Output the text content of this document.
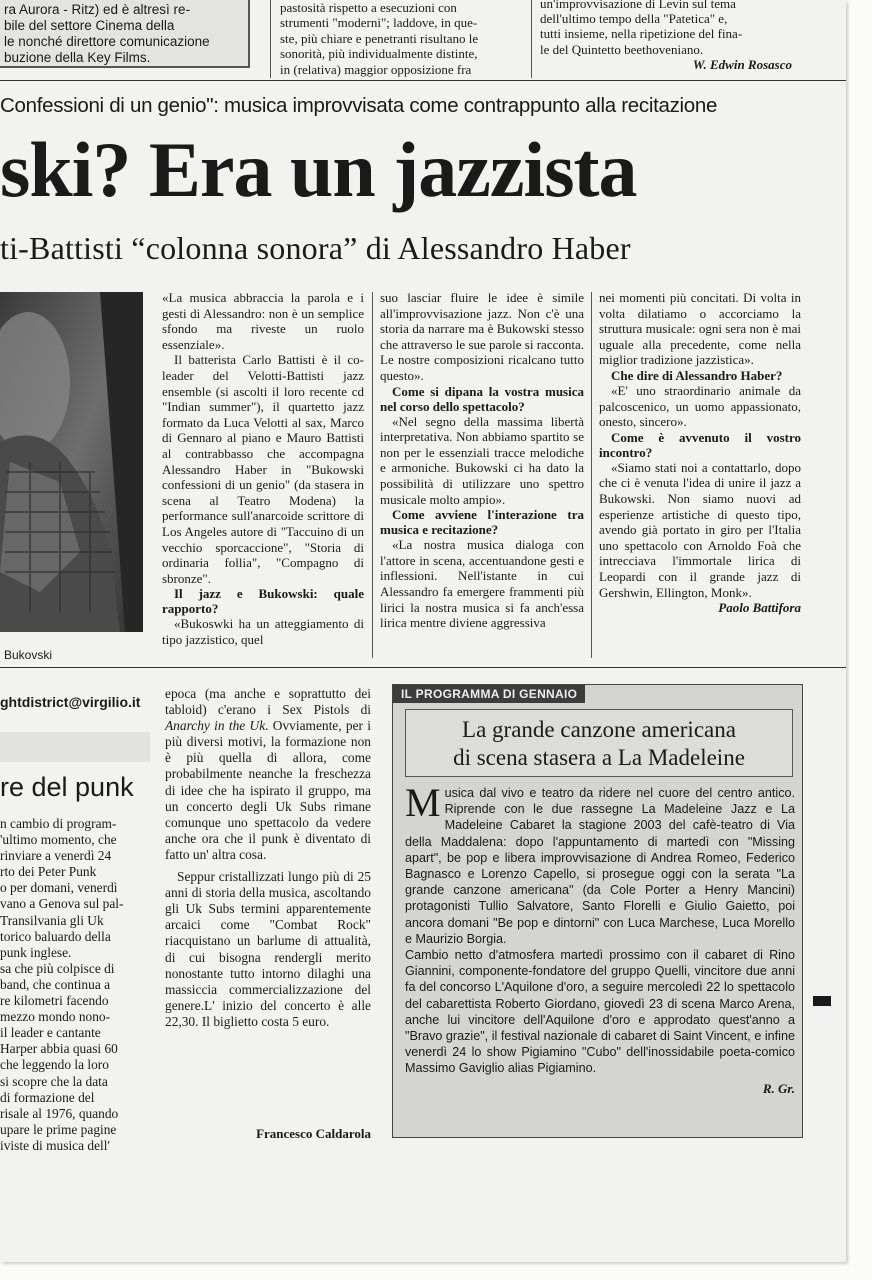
ra Aurora - Ritz) ed è altresì re-
bile del settore Cinema della
le nonché direttore comunicazione
buzione della Key Films.
pastosità rispetto a esecuzioni con
strumenti "moderni"; laddove, in que-
ste, più chiare e penetranti risultano le
sonorità, più individualmente distinte,
in (relativa) maggior opposizione fra
un'improvvisazione di Levin sul tema
dell'ultimo tempo della "Patetica" e,
tutti insieme, nella ripetizione del fina-
le del Quintetto beethoveniano.
W. Edwin Rosasco
Confessioni di un genio": musica improvvisata come contrappunto alla recitazione
ski? Era un jazzista
ti-Battisti “colonna sonora” di Alessandro Haber
Bukovski

«La musica abbraccia la parola e i gesti di Alessandro: non è un semplice sfondo ma riveste un ruolo essenziale».

Il batterista Carlo Battisti è il co-leader del Velotti-Battisti jazz ensemble (si ascolti il loro recente cd "Indian summer"), il quartetto jazz formato da Luca Velotti al sax, Marco di Gennaro al piano e Mauro Battisti al contrabbasso che accompagna Alessandro Haber in "Bukowski confessioni di un genio" (da stasera in scena al Teatro Modena) la performance sull'anarcoide scrittore di Los Angeles autore di "Taccuino di un vecchio sporcaccione", "Storia di ordinaria follia", "Compagno di sbronze".

Il jazz e Bukowski: quale rapporto?

«Bukoswki ha un atteggiamento di tipo jazzistico, quel

suo lasciar fluire le idee è simile all'improvvisazione jazz. Non c'è una storia da narrare ma è Bukowski stesso che attraverso le sue parole si racconta. Le nostre composizioni ricalcano tutto questo».

Come si dipana la vostra musica nel corso dello spettacolo?

«Nel segno della massima libertà interpretativa. Non abbiamo spartito se non per le essenziali tracce melodiche e armoniche. Bukowski ci ha dato la possibilità di utilizzare uno spettro musicale molto ampio».

Come avviene l'interazione tra musica e recitazione?

«La nostra musica dialoga con l'attore in scena, accentuandone gesti e inflessioni. Nell'istante in cui Alessandro fa emergere frammenti più lirici la nostra musica si fa anch'essa lirica mentre diviene aggressiva

nei momenti più concitati. Di volta in volta dilatiamo o accorciamo la struttura musicale: ogni sera non è mai uguale alla precedente, come nella miglior tradizione jazzistica».

Che dire di Alessandro Haber?

«E' uno straordinario animale da palcoscenico, un uomo appassionato, onesto, sincero».

Come è avvenuto il vostro incontro?

«Siamo stati noi a contattarlo, dopo che ci è venuta l'idea di unire il jazz a Bukowski. Non siamo nuovi ad esperienze artistiche di questo tipo, avendo già portato in giro per l'Italia uno spettacolo con Arnoldo Foà che intrecciava l'immortale lirica di Leopardi con il grande jazz di Gershwin, Ellington, Monk».

Paolo Battifora
ghtdistrict@virgilio.it
re del punk
n cambio di program-
'ultimo momento, che
rinviare a venerdì 24
rto dei Peter Punk
o per domani, venerdì
vano a Genova sul pal-
Transilvania gli Uk
torico baluardo della
punk inglese.
sa che più colpisce di
band, che continua a
re kilometri facendo
mezzo mondo nono-
il leader e cantante
Harper abbia quasi 60
che leggendo la loro
si scopre che la data
di formazione del
risale al 1976, quando
upare le prime pagine
iviste di musica dell'

epoca (ma anche e soprattutto dei tabloid) c'erano i Sex Pistols di Anarchy in the Uk. Ovviamente, per i più diversi motivi, la formazione non è più quella di allora, come probabilmente neanche la freschezza di idee che ha ispirato il gruppo, ma un concerto degli Uk Subs rimane comunque uno spettacolo da vedere anche ora che il punk è diventato di fatto un' altra cosa.

Seppur cristallizzati lungo più di 25 anni di storia della musica, ascoltando gli Uk Subs termini apparentemente arcaici come "Combat Rock" riacquistano un barlume di attualità, di cui bisogna rendergli merito nonostante tutto intorno dilaghi una massiccia commercializzazione del genere.L' inizio del concerto è alle 22,30. Il biglietto costa 5 euro.

Francesco Caldarola
IL PROGRAMMA DI GENNAIO
La grande canzone americana
di scena stasera a La Madeleine

Musica dal vivo e teatro da ridere nel cuore del centro antico. Riprende con le due rassegne La Madeleine Jazz e La Madeleine Cabaret la stagione 2003 del cafè-teatro di Via della Maddalena: dopo l'appuntamento di martedì con "Missing apart", be pop e libera improvvisazione di Andrea Romeo, Federico Bagnasco e Lorenzo Capello, si prosegue oggi con la serata "La grande canzone americana" (da Cole Porter a Henry Mancini) protagonisti Tullio Salvatore, Santo Florelli e Giulio Gaietto, poi ancora domani "Be pop e dintorni" con Luca Marchese, Luca Morello e Maurizio Borgia.

Cambio netto d'atmosfera martedì prossimo con il cabaret di Rino Giannini, componente-fondatore del gruppo Quelli, vincitore due anni fa del concorso L'Aquilone d'oro, a seguire mercoledì 22 lo spettacolo del cabarettista Roberto Giordano, giovedì 23 di scena Marco Arena, anche lui vincitore dell'Aquilone d'oro e approdato quest'anno a "Bravo grazie", il festival nazionale di cabaret di Saint Vincent, e infine venerdì 24 lo show Pigiamino "Cubo" dell'inossidabile poeta-comico Massimo Gaviglio alias Pigiamino.

R. Gr.
